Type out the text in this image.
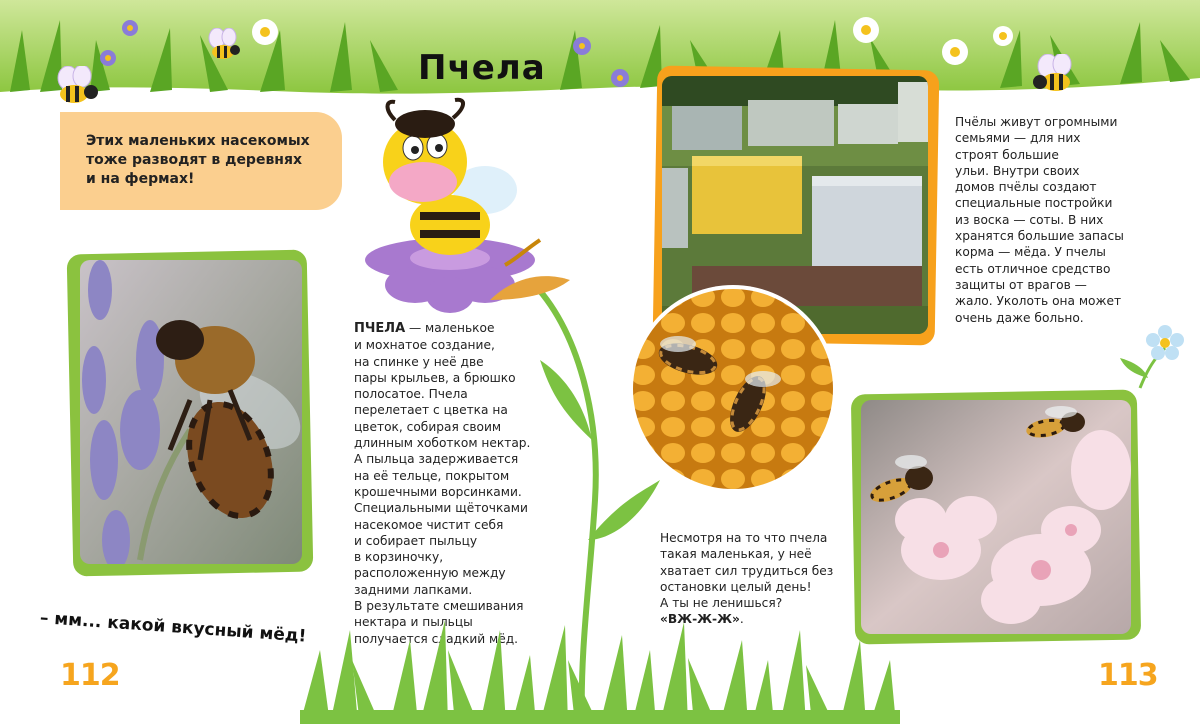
Пчела
Этих маленьких насекомых
тоже разводят в деревнях
и на фермах!
ПЧЕЛА — маленькое
и мохнатое создание,
на спинке у неё две
пары крыльев, а брюшко
полосатое. Пчела
перелетает с цветка на
цветок, собирая своим
длинным хоботком нектар.
А пыльца задерживается
на её тельце, покрытом
крошечными ворсинками.
Специальными щёточками
насекомое чистит себя
и собирает пыльцу
в корзиночку,
расположенную между
задними лапками.
В результате смешивания
нектара и пыльцы
получается сладкий мёд.
Пчёлы живут огромными
семьями — для них
строят большие
ульи. Внутри своих
домов пчёлы создают
специальные постройки
из воска — соты. В них
хранятся большие запасы
корма — мёда. У пчелы
есть отличное средство
защиты от врагов —
жало. Уколоть она может
очень даже больно.
Несмотря на то что пчела
такая маленькая, у неё
хватает сил трудиться без
остановки целый день!
А ты не ленишься?
«ВЖ-Ж-Ж».
– мм... какой вкусный мёд!
112	113
